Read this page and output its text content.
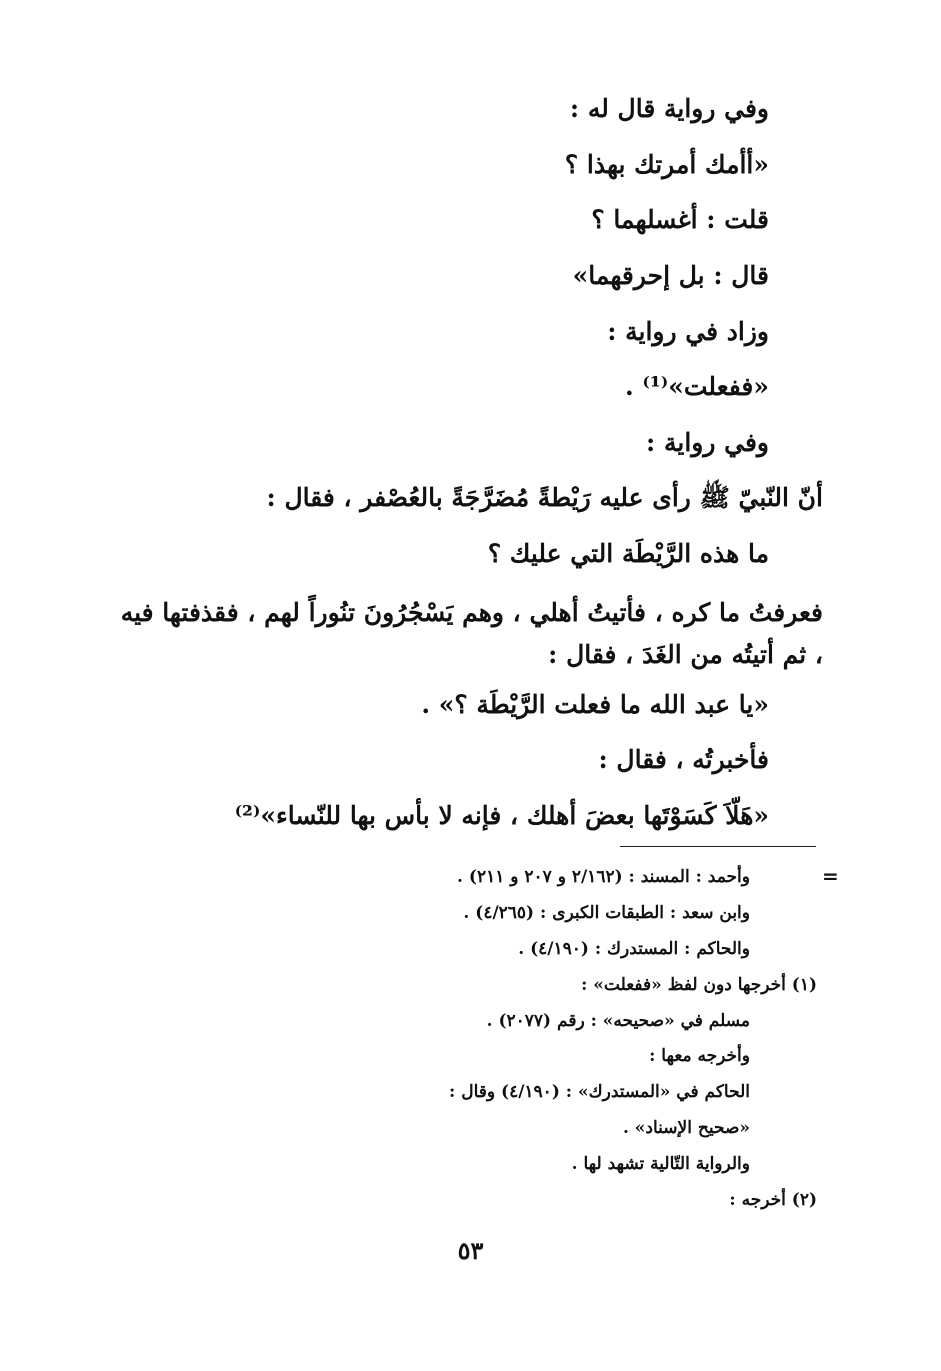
وفي رواية قال له :
«أأمك أمرتك بهذا ؟
قلت : أغسلهما ؟
قال : بل إحرقهما»
وزاد في رواية :
«ففعلت»⁽¹⁾ .
وفي رواية :
أنّ النّبيّ ﷺ رأى عليه رَيْطةً مُضَرَّجَةً بالعُصْفر ، فقال :
ما هذه الرَّيْطَة التي عليك ؟
فعرفتُ ما كره ، فأتيتُ أهلي ، وهم يَسْجُرُونَ تنُوراً لهم ، فقذفتها فيه ، ثم أتيتُه من الغَدَ ، فقال :
«يا عبد الله ما فعلت الرَّيْطَة ؟» .
فأخبرتُه ، فقال :
«هَلّاَ كَسَوْتَها بعضَ أهلك ، فإنه لا بأس بها للنّساء»⁽²⁾
=
وأحمد : المسند : (٢/١٦٢ و ٢٠٧ و ٢١١) .
وابن سعد : الطبقات الكبرى : (٤/٢٦٥) .
والحاكم : المستدرك : (٤/١٩٠) .
(١) أخرجها دون لفظ «ففعلت» :
مسلم في «صحيحه» : رقم (٢٠٧٧) .
وأخرجه معها :
الحاكم في «المستدرك» : (٤/١٩٠) وقال :
«صحيح الإسناد» .
والرواية التّالية تشهد لها .
(٢) أخرجه :
٥٣
